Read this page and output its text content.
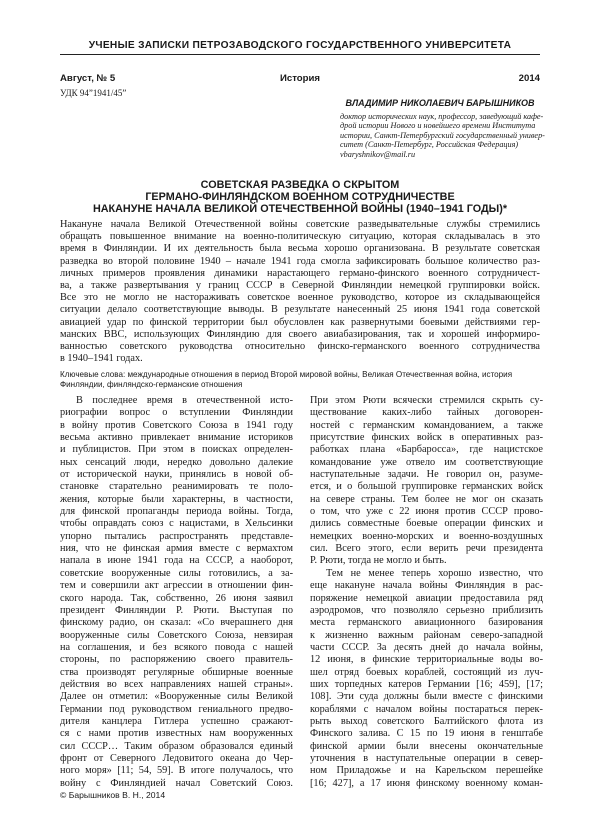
УЧЕНЫЕ ЗАПИСКИ ПЕТРОЗАВОДСКОГО ГОСУДАРСТВЕННОГО УНИВЕРСИТЕТА
Август, № 5	История	2014
УДК 94”1941/45”
ВЛАДИМИР НИКОЛАЕВИЧ БАРЫШНИКОВ
доктор исторических наук, профессор, заведующий кафе-
дрой истории Нового и новейшего времени Института
истории, Санкт-Петербургский государственный универ-
ситет (Санкт-Петербург, Российская Федерация)
vbaryshnikov@mail.ru
СОВЕТСКАЯ РАЗВЕДКА О СКРЫТОМ
ГЕРМАНО-ФИНЛЯНДСКОМ ВОЕННОМ СОТРУДНИЧЕСТВЕ
НАКАНУНЕ НАЧАЛА ВЕЛИКОЙ ОТЕЧЕСТВЕННОЙ ВОЙНЫ (1940–1941 ГОДЫ)*
Накануне начала Великой Отечественной войны советские разведывательные службы стремились
обращать повышенное внимание на военно-политическую ситуацию, которая складывалась в это
время в Финляндии. И их деятельность была весьма хорошо организована. В результате советская
разведка во второй половине 1940 – начале 1941 года смогла зафиксировать большое количество раз-
личных примеров проявления динамики нарастающего германо-финского военного сотрудничест-
ва, а также развертывания у границ СССР в Северной Финляндии немецкой группировки войск.
Все это не могло не настораживать советское военное руководство, которое из складывающейся
ситуации делало соответствующие выводы. В результате нанесенный 25 июня 1941 года советской
авиацией удар по финской территории был обусловлен как развернутыми боевыми действиями гер-
манских ВВС, использующих Финляндию для своего авиабазирования, так и хорошей информиро-
ванностью советского руководства относительно финско-германского военного сотрудничества
в 1940–1941 годах.
Ключевые слова: международные отношения в период Второй мировой войны, Великая Отечественная война, история
Финляндии, финляндско-германские отношения
В последнее время в отечественной исто-
риографии вопрос о вступлении Финляндии
в войну против Советского Союза в 1941 году
весьма активно привлекает внимание историков
и публицистов. При этом в поисках определен-
ных сенсаций люди, нередко довольно далекие
от исторической науки, принялись в новой об-
становке старательно реанимировать те поло-
жения, которые были характерны, в частности,
для финской пропаганды периода войны. Тогда,
чтобы оправдать союз с нацистами, в Хельсинки
упорно пытались распространять представле-
ния, что не финская армия вместе с вермахтом
напала в июне 1941 года на СССР, а наоборот,
советские вооруженные силы готовились, а за-
тем и совершили акт агрессии в отношении фин-
ского народа. Так, собственно, 26 июня заявил
президент Финляндии Р. Рюти. Выступая по
финскому радио, он сказал: «Со вчерашнего дня
вооруженные силы Советского Союза, невзирая
на соглашения, и без всякого повода с нашей
стороны, по распоряжению своего правитель-
ства производят регулярные обширные военные
действия во всех направлениях нашей страны».
Далее он отметил: «Вооруженные силы Великой
Германии под руководством гениального предво-
дителя канцлера Гитлера успешно сражают-
ся с нами против известных нам вооруженных
сил СССР… Таким образом образовался единый
фронт от Северного Ледовитого океана до Чер-
ного моря» [11; 54, 59]. В итоге получалось, что
войну с Финляндией начал Советский Союз.
При этом Рюти всячески стремился скрыть су-
ществование каких-либо тайных договорен-
ностей с германским командованием, а также
присутствие финских войск в оперативных раз-
работках плана «Барбаросса», где нацистское
командование уже отвело им соответствующие
наступательные задачи. Не говорил он, разуме-
ется, и о большой группировке германских войск
на севере страны. Тем более не мог он сказать
о том, что уже с 22 июня против СССР прово-
дились совместные боевые операции финских и
немецких военно-морских и военно-воздушных
сил. Всего этого, если верить речи президента
Р. Рюти, тогда не могло и быть.
Тем не менее теперь хорошо известно, что
еще накануне начала войны Финляндия в рас-
поряжение немецкой авиации предоставила ряд
аэродромов, что позволяло серьезно приблизить
места германского авиационного базирования
к жизненно важным районам северо-западной
части СССР. За десять дней до начала войны,
12 июня, в финские территориальные воды во-
шел отряд боевых кораблей, состоящий из луч-
ших торпедных катеров Германии [16; 459], [17;
108]. Эти суда должны были вместе с финскими
кораблями с началом войны постараться перек-
рыть выход советского Балтийского флота из
Финского залива. С 15 по 19 июня в генштабе
финской армии были внесены окончательные
уточнения в наступательные операции в север-
ном Приладожье и на Карельском перешейке
[16; 427], а 17 июня финскому военному коман-
© Барышников В. Н., 2014
